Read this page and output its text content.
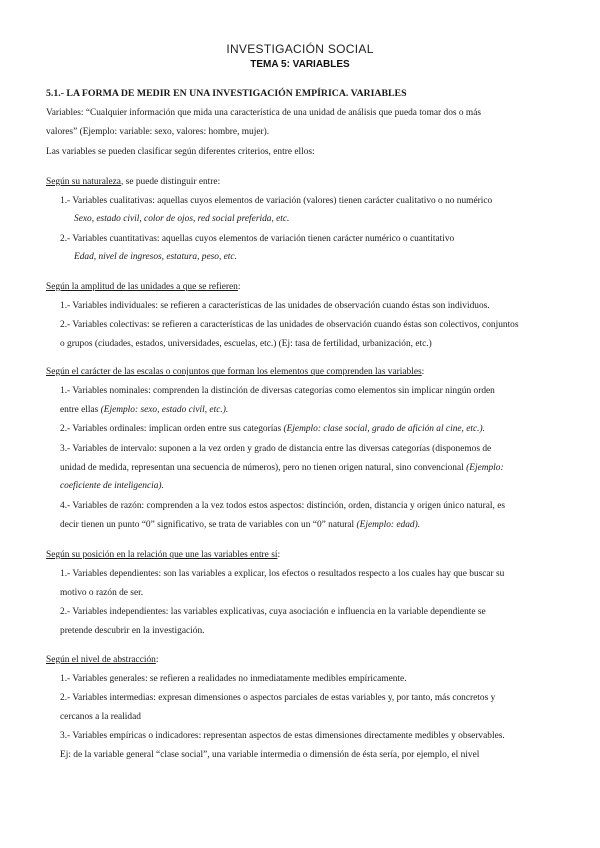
INVESTIGACIÓN SOCIAL
TEMA 5: VARIABLES
5.1.- LA FORMA DE MEDIR EN UNA INVESTIGACIÓN EMPÍRICA. VARIABLES
Variables: “Cualquier información que mida una característica de una unidad de análisis que pueda tomar dos o más
valores” (Ejemplo: variable: sexo, valores: hombre, mujer).
Las variables se pueden clasificar según diferentes criterios, entre ellos:
Según su naturaleza, se puede distinguir entre:
1.- Variables cualitativas: aquellas cuyos elementos de variación (valores) tienen carácter cualitativo o no numérico
Sexo, estado civil, color de ojos, red social preferida, etc.
2.- Variables cuantitativas: aquellas cuyos elementos de variación tienen carácter numérico o cuantitativo
Edad, nivel de ingresos, estatura, peso, etc.
Según la amplitud de las unidades a que se refieren:
1.- Variables individuales: se refieren a características de las unidades de observación cuando éstas son individuos.
2.- Variables colectivas: se refieren a características de las unidades de observación cuando éstas son colectivos, conjuntos
o grupos (ciudades, estados, universidades, escuelas, etc.) (Ej: tasa de fertilidad, urbanización, etc.)
Según el carácter de las escalas o conjuntos que forman los elementos que comprenden las variables:
1.- Variables nominales: comprenden la distinción de diversas categorías como elementos sin implicar ningún orden
entre ellas (Ejemplo: sexo, estado civil, etc.).
2.- Variables ordinales: implican orden entre sus categorías (Ejemplo: clase social, grado de afición al cine, etc.).
3.- Variables de intervalo: suponen a la vez orden y grado de distancia entre las diversas categorías (disponemos de
unidad de medida, representan una secuencia de números), pero no tienen origen natural, sino convencional (Ejemplo:
coeficiente de inteligencia).
4.- Variables de razón: comprenden a la vez todos estos aspectos: distinción, orden, distancia y origen único natural, es
decir tienen un punto “0” significativo, se trata de variables con un “0” natural (Ejemplo: edad).
Según su posición en la relación que une las variables entre sí:
1.- Variables dependientes: son las variables a explicar, los efectos o resultados respecto a los cuales hay que buscar su
motivo o razón de ser.
2.- Variables independientes: las variables explicativas, cuya asociación e influencia en la variable dependiente se
pretende descubrir en la investigación.
Según el nivel de abstracción:
1.- Variables generales: se refieren a realidades no inmediatamente medibles empíricamente.
2.- Variables intermedias: expresan dimensiones o aspectos parciales de estas variables y, por tanto, más concretos y
cercanos a la realidad
3.- Variables empíricas o indicadores: representan aspectos de estas dimensiones directamente medibles y observables.
Ej: de la variable general “clase social”, una variable intermedia o dimensión de ésta sería, por ejemplo, el nivel
